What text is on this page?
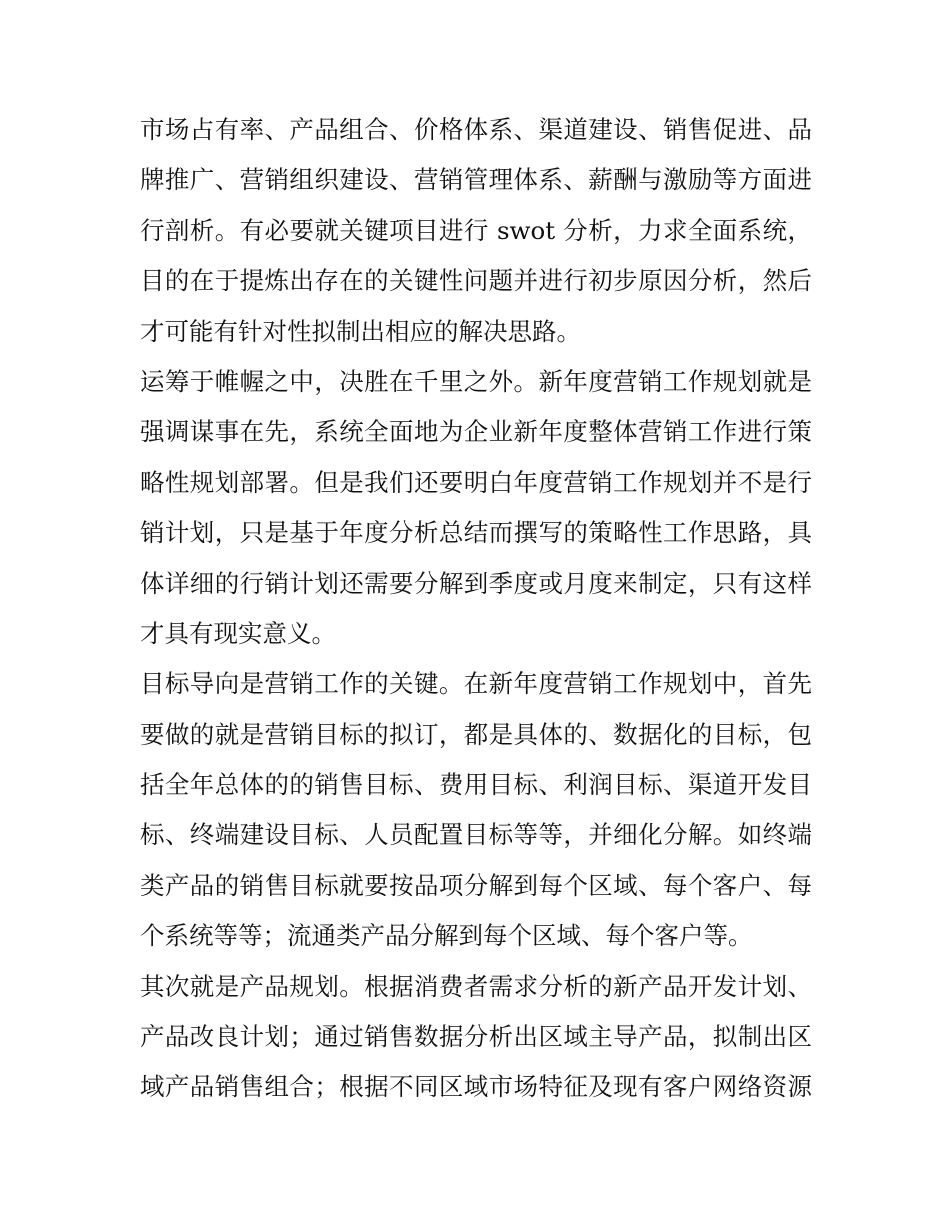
市场占有率、产品组合、价格体系、渠道建设、销售促进、品
牌推广、营销组织建设、营销管理体系、薪酬与激励等方面进
行剖析。有必要就关键项目进行 swot 分析，力求全面系统，
目的在于提炼出存在的关键性问题并进行初步原因分析，然后
才可能有针对性拟制出相应的解决思路。
运筹于帷幄之中，决胜在千里之外。新年度营销工作规划就是
强调谋事在先，系统全面地为企业新年度整体营销工作进行策
略性规划部署。但是我们还要明白年度营销工作规划并不是行
销计划，只是基于年度分析总结而撰写的策略性工作思路，具
体详细的行销计划还需要分解到季度或月度来制定，只有这样
才具有现实意义。
目标导向是营销工作的关键。在新年度营销工作规划中，首先
要做的就是营销目标的拟订，都是具体的、数据化的目标，包
括全年总体的的销售目标、费用目标、利润目标、渠道开发目
标、终端建设目标、人员配置目标等等，并细化分解。如终端
类产品的销售目标就要按品项分解到每个区域、每个客户、每
个系统等等；流通类产品分解到每个区域、每个客户等。
其次就是产品规划。根据消费者需求分析的新产品开发计划、
产品改良计划；通过销售数据分析出区域主导产品，拟制出区
域产品销售组合；根据不同区域市场特征及现有客户网络资源
